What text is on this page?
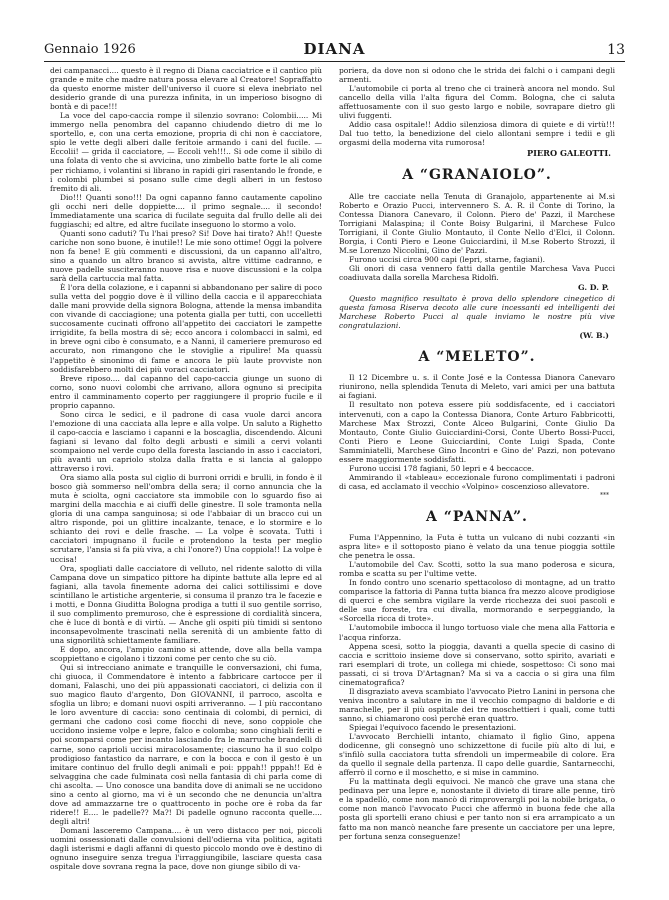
Gennaio 1926	DIANA	13

dei campanacci.... questo è il regno di Diana cacciatrice e il cantico più grande e mite che madre natura possa elevare al Creatore! Sopraffatto da questo enorme mister dell'universo il cuore si eleva inebriato nel desiderio grande di una purezza infinita, in un imperioso bisogno di bontà e di pace!!!

La voce del capo-caccia rompe il silenzio sovrano: Colombii..... Mi immergo nella penombra del capanno chiudendo dietro di me lo sportello, e, con una certa emozione, propria di chi non è cacciatore, spio le vette degli alberi dalle feritoie armando i cani del fucile. — Eccolii! — grida il cacciatore, — Eccoli veh!!!.. Si ode come il sibilo di una folata di vento che si avvicina, uno zimbello batte forte le ali come per richiamo, i volantini si librano in rapidi giri rasentando le fronde, e i colombi plumbei si posano sulle cime degli alberi in un festoso fremito di ali.

Dio!!! Quanti sono!!! Da ogni capanno fanno cautamente capolino gli occhi neri delle doppiette.... il primo segnale.... il secondo! Immediatamente una scarica di fucilate seguita dal frullo delle ali dei fuggiaschi; ed altre, ed altre fucilate inseguono lo stormo a volo.

Quanti sono caduti? Tu l'hai preso? Si! Dove hai tirato? Ah!! Queste cariche non sono buone, è inutile!! Le mie sono ottime! Oggi la polvere non fa bene! E giù commenti e discussioni, da un capanno all'altro, sino a quando un altro branco si avvista, altre vittime cadranno, e nuove padelle susciteranno nuove risa e nuove discussioni e la colpa sarà della cartuccia mal fatta.

È l'ora della colazione, e i capanni si abbandonano per salire di poco sulla vetta del poggio dove è il villino della caccia e il apparecchiata dalle mani provvide della signora Bologna, attende la mensa imbandita con vivande di cacciagione; una potenta gialla per tutti, con uccelletti succosamente cucinati offrono all'appetito dei cacciatori le zampette irrigidite, fa bella mostra di sè; ecco ancora i colombacci in salmì, ed in breve ogni cibo è consumato, e a Nanni, il cameriere premuroso ed accurato, non rimangono che le stoviglie a ripulire! Ma quassù l'appetito è sinonimo di fame e ancora le più laute provviste non soddisfarebbero molti dei più voraci cacciatori.

Breve riposo.... dal capanno del capo-caccia giunge un suono di corno, sono nuovi colombi che arrivano, allora ognuno si precipita entro il camminamento coperto per raggiungere il proprio fucile e il proprio capanno.

Sono circa le sedici, e il padrone di casa vuole darci ancora l'emozione di una cacciata alla lepre e alla volpe. Un saluto a Righetto il capo-caccia e lasciamo i capanni e la boscaglia, discendendo. Alcuni fagiani si levano dal folto degli arbusti e simili a cervi volanti scompaiono nel verde cupo della foresta lasciando in asso i cacciatori, più avanti un capriolo stolza dalla fratta e si lancia al galoppo attraverso i rovi.

Ora siamo alla posta sul ciglio di burroni orridi e brulli, in fondo è il bosco già sommerso nell'ombra della sera; il corno annuncia che la muta è sciolta, ogni cacciatore sta immobile con lo sguardo fiso ai margini della macchia e ai ciuffi delle ginestre. Il sole tramonta nella gloria di una campa sanguinosa; si ode l'abbaiar di un bracco cui un altro risponde, poi un glittire incalzante, tenace, e lo stormire e lo schianto dei rovi e delle frasche. — La volpe è scovata. Tutti i cacciatori impugnano il fucile e protendono la testa per meglio scrutare, l'ansia si fa più viva, a chi l'onore?) Una coppiola!! La volpe è uccisa!

Ora, spogliati dalle cacciatore di velluto, nel ridente salotto di villa Campana dove un simpatico pittore ha dipinte battute alla lepre ed al fagiani, alla tavola finemente adorna dei calici sottilissimi e dove scintillano le artistiche argenterie, si consuma il pranzo tra le facezie e i motti, e Donna Giuditta Bologna prodiga a tutti il suo gentile sorriso, il suo complimento premuroso, che è espressione di cordialità sincera, che è luce di bontà e di virtù. — Anche gli ospiti più timidi si sentono inconsapevolmente trascinati nella serenità di un ambiente fatto di una signorilità schiettamente familiare.

E dopo, ancora, l'ampio camino si attende, dove alla bella vampa scoppiettano e cigolano i tizzoni come per cento che su ciò.

Qui si intrecciano animate e tranquille le conversazioni, chi fuma, chi giuoca, il Commendatore è intento a fabbricare cartocce per il domani, Falaschi, uno dei più appassionati cacciatori, ci delizia con il suo magico flauto d'argento, Don GIOVANNI, il parroco, ascolta e sfoglia un libro; e domani nuovi ospiti arriveranno. — I più raccontano le loro avventure di caccia: sono centinaia di colombi, di pernici, di germani che cadono così come fiocchi di neve, sono coppiole che uccidono insieme volpe e lepre, falco e colomba; sono cinghiali feriti e poi scomparsi come per incanto lasciando fra le marruche brandelli di carne, sono caprioli uccisi miracolosamente; ciascuno ha il suo colpo prodigioso fantastico da narrare, e con la bocca e con il gesto è un imitare continuo del frullo degli animali e poi: pppah!! pppah!! Ed è selvaggina che cade fulminata così nella fantasia di chi parla come di chi ascolta. — Uno conosce una bandita dove di animali se ne uccidono sino a cento al giorno, ma vi è un secondo che ne denuncia un'altra dove ad ammazzarne tre o quattrocento in poche ore è roba da far ridere!! E.... le padelle?? Ma?! Di padelle ognuno racconta quelle.... degli altri!

Domani lasceremo Campana.... è un vero distacco per noi, piccoli uomini ossessionati dalle convulsioni dell'odierna vita politica, agitati dagli isterismi e dagli affanni di questo piccolo mondo ove è destino di ognuno inseguire senza tregua l'irraggiungibile, lasciare questa casa ospitale dove sovrana regna la pace, dove non giunge sibilo di va-

poriera, da dove non si odono che le strida dei falchi o i campani degli armenti.

L'automobile ci porta al treno che ci trainerà ancora nel mondo. Sul cancello della villa l'alta figura del Comm. Bologna, che ci saluta affettuosamente con il suo gesto largo e nobile, sovrapare dietro gli ulivi fuggenti.

Addio casa ospitale!! Addio silenziosa dimora di quiete e di virtù!!! Dal tuo tetto, la benedizione del cielo allontani sempre i tedii e gli orgasmi della moderna vita rumorosa!

PIERO GALEOTTI.
A “GRANAIOLO”.

Alle tre cacciate nella Tenuta di Granajolo, appartenente ai M.si Roberto e Orazio Pucci, intervennero S. A. R. il Conte di Torino, la Contessa Dianora Canevaro, il Colonn. Piero de' Pazzi, il Marchese Torrigiani Malaspina; il Conte Boisy Bulgarini, il Marchese Fulco Torrigiani, il Conte Giulio Montauto, il Conte Nello d'Elci, il Colonn. Borgia, i Conti Piero e Leone Guicciardini, il M.se Roberto Strozzi, il M.se Lorenzo Niccolini, Gino de' Pazzi.

Furono uccisi circa 900 capi (lepri, starne, fagiani).

Gli onori di casa vennero fatti dalla gentile Marchesa Vava Pucci coadiuvata dalla sorella Marchesa Ridolfi.

G. D. P.

Questo magnifico resultato è prova dello splendore cinegetico di questa famosa Riserva decoto alle cure incessanti ed intelligenti dei Marchese Roberto Pucci al quale inviamo le nostre più vive congratulazioni.

(W. B.)
A “MELETO”.

Il 12 Dicembre u. s. il Conte José e la Contessa Dianora Canevaro riunirono, nella splendida Tenuta di Meleto, vari amici per una battuta ai fagiani.

Il resultato non poteva essere più soddisfacente, ed i cacciatori intervenuti, con a capo la Contessa Dianora, Conte Arturo Fabbricotti, Marchese Max Strozzi, Conte Alceo Bulgarini, Conte Giulio Da Montauto, Conte Giulio Guicciardini-Corsi, Conte Uberto Bossi-Pucci, Conti Piero e Leone Guicciardini, Conte Luigi Spada, Conte Samminiatelli, Marchese Gino Incontri e Gino de' Pazzi, non potevano essere maggiormente soddisfatti.

Furono uccisi 178 fagiani, 50 lepri e 4 beccacce.

Ammirando il «tableau» eccezionale furono complimentati i padroni di casa, ed acclamato il vecchio «Volpino» coscenzioso allevatore.

***
A “PANNA”.

Fuma l'Appennino, la Futa è tutta un vulcano di nubi cozzanti «in aspra lite» e il sottoposto piano è velato da una tenue pioggia sottile che penetra le ossa.

L'automobile del Cav. Scotti, sotto la sua mano poderosa e sicura, romba e scatta su per l'ultime vette.

In fondo contro uno scenario spettacoloso di montagne, ad un tratto compariscе la fattoria di Panna tutta bianca fra mezzo alcove prodigiose di querci e che sembra vigilare la verde ricchezza dei suoi pascoli e delle sue foreste, tra cui divalla, mormorando e serpeggiando, la «Sorcella ricca di trote».

L'automobile imbocca il lungo tortuoso viale che mena alla Fattoria e l'acqua rinforza.

Appena scesi, sotto la pioggia, davanti a quella specie di casino di caccia e scrittoio insieme dove si conservano, sotto spirito, avariati e rari esemplari di trote, un collega mi chiede, sospettoso: Ci sono mai passati, ci si trova D'Artagnan? Ma si va a caccia o si gira una film cinematografica?

Il disgraziato aveva scambiato l'avvocato Pietro Lanini in persona che veniva incontro a salutare in me il vecchio compagno di baldorie e di marachelle, per il più ospitale dei tre moschettieri i quali, come tutti sanno, si chiamarono così perchè eran quattro.

Spiegai l'equivoco facendo le presentazioni.

L'avvocato Berchielli intanto, chiamato il figlio Gino, appena dodicenne, gli consegnò uno schizzettone di fucile più alto di lui, e s'infilò sulla cacciatora tutta sfrendoli un impermeabile di colore. Era da quello il segnale della partenza. Il capo delle guardie, Santarnecchi, afferrò il corno e il moschetto, e si mise in cammino.

Fu la mattinata degli equivoci. Ne mancò che grave una stana che pedinava per una lepre e, nonostante il divieto di tirare alle penne, tirò e la spadellò, come non mancò di rimproverargli poi la nobile brigata, o come non mancò l'avvocato Pucci che affermò in buona fede che alla posta gli sportelli erano chiusi e per tanto non si era arrampicato a un fatto ma non mancò neanche fare presente un cacciatore per una lepre, per fortuna senza conseguenze!
